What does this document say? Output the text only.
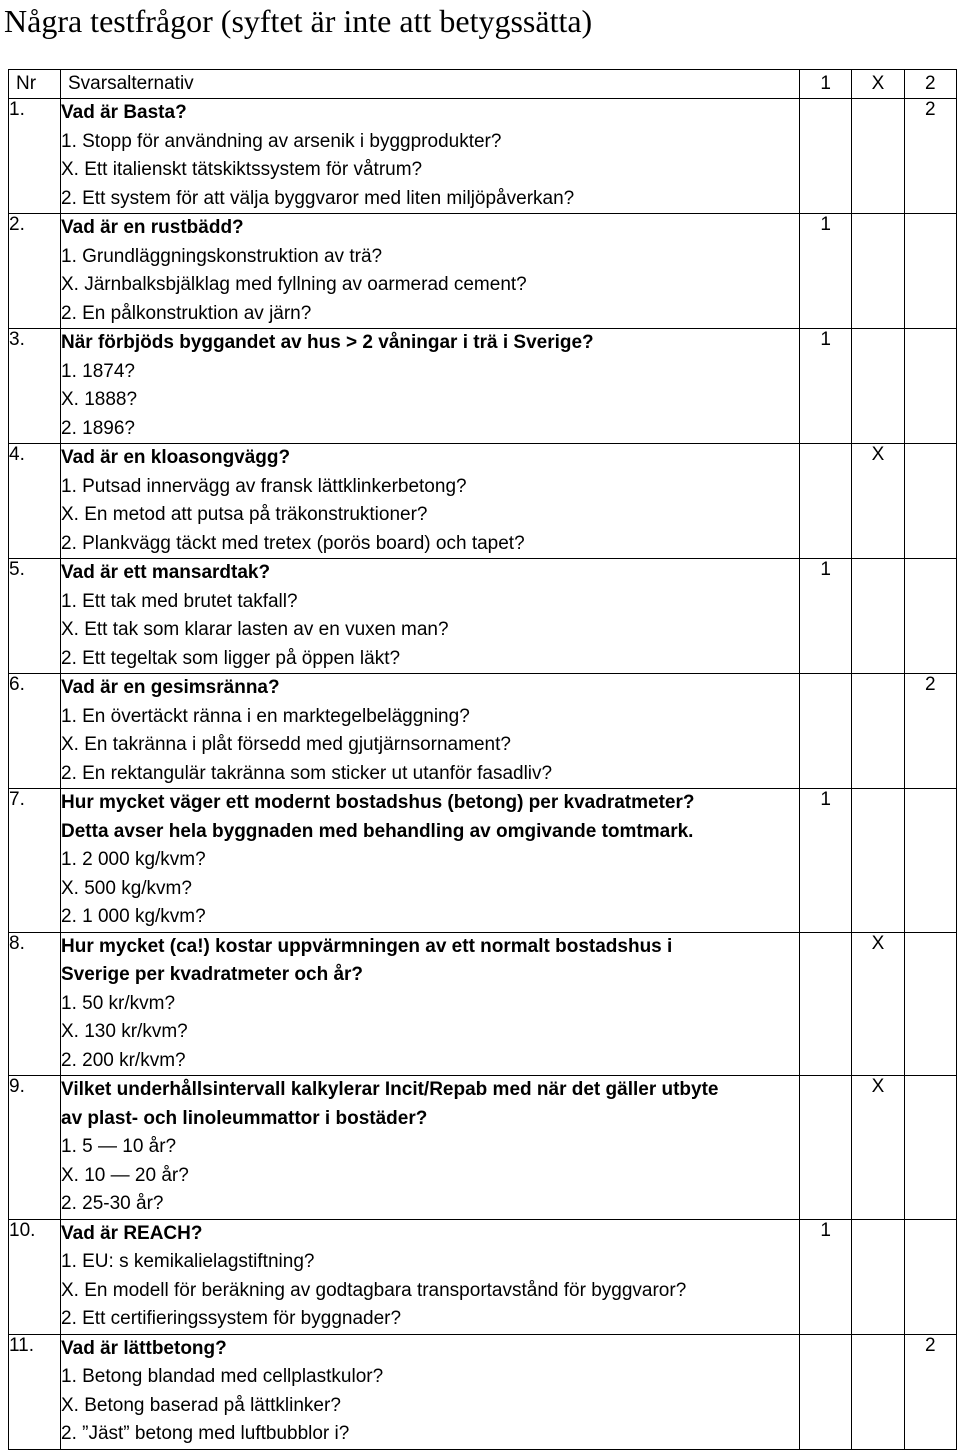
Några testfrågor (syftet är inte att betygssätta)
Nr	Svarsalternativ	1	X	2
1.	Vad är Basta?
1. Stopp för användning av arsenik i byggprodukter?
X. Ett italienskt tätskiktssystem för våtrum?
2. Ett system för att välja byggvaror med liten miljöpåverkan?			2
2.	Vad är en rustbädd?
1. Grundläggningskonstruktion av trä?
X. Järnbalksbjälklag med fyllning av oarmerad cement?
2. En pålkonstruktion av järn?	1		
3.	När förbjöds byggandet av hus > 2 våningar i trä i Sverige?
1. 1874?
X. 1888?
2. 1896?	1		
4.	Vad är en kloasongvägg?
1. Putsad innervägg av fransk lättklinkerbetong?
X. En metod att putsa på träkonstruktioner?
2. Plankvägg täckt med tretex (porös board) och tapet?		X	
5.	Vad är ett mansardtak?
1. Ett tak med brutet takfall?
X. Ett tak som klarar lasten av en vuxen man?
2. Ett tegeltak som ligger på öppen läkt?	1		
6.	Vad är en gesimsränna?
1. En övertäckt ränna i en marktegelbeläggning?
X. En takränna i plåt försedd med gjutjärnsornament?
2. En rektangulär takränna som sticker ut utanför fasadliv?			2
7.	Hur mycket väger ett modernt bostadshus (betong) per kvadratmeter?
Detta avser hela byggnaden med behandling av omgivande tomtmark.
1. 2 000 kg/kvm?
X. 500 kg/kvm?
2. 1 000 kg/kvm?	1		
8.	Hur mycket (ca!) kostar uppvärmningen av ett normalt bostadshus i
Sverige per kvadratmeter och år?
1. 50 kr/kvm?
X. 130 kr/kvm?
2. 200 kr/kvm?		X	
9.	Vilket underhållsintervall kalkylerar Incit/Repab med när det gäller utbyte
av plast- och linoleummattor i bostäder?
1. 5 — 10 år?
X. 10 — 20 år?
2. 25-30 år?		X	
10.	Vad är REACH?
1. EU: s kemikalielagstiftning?
X. En modell för beräkning av godtagbara transportavstånd för byggvaror?
2. Ett certifieringssystem för byggnader?	1		
11.	Vad är lättbetong?
1. Betong blandad med cellplastkulor?
X. Betong baserad på lättklinker?
2. ”Jäst” betong med luftbubblor i?			2
